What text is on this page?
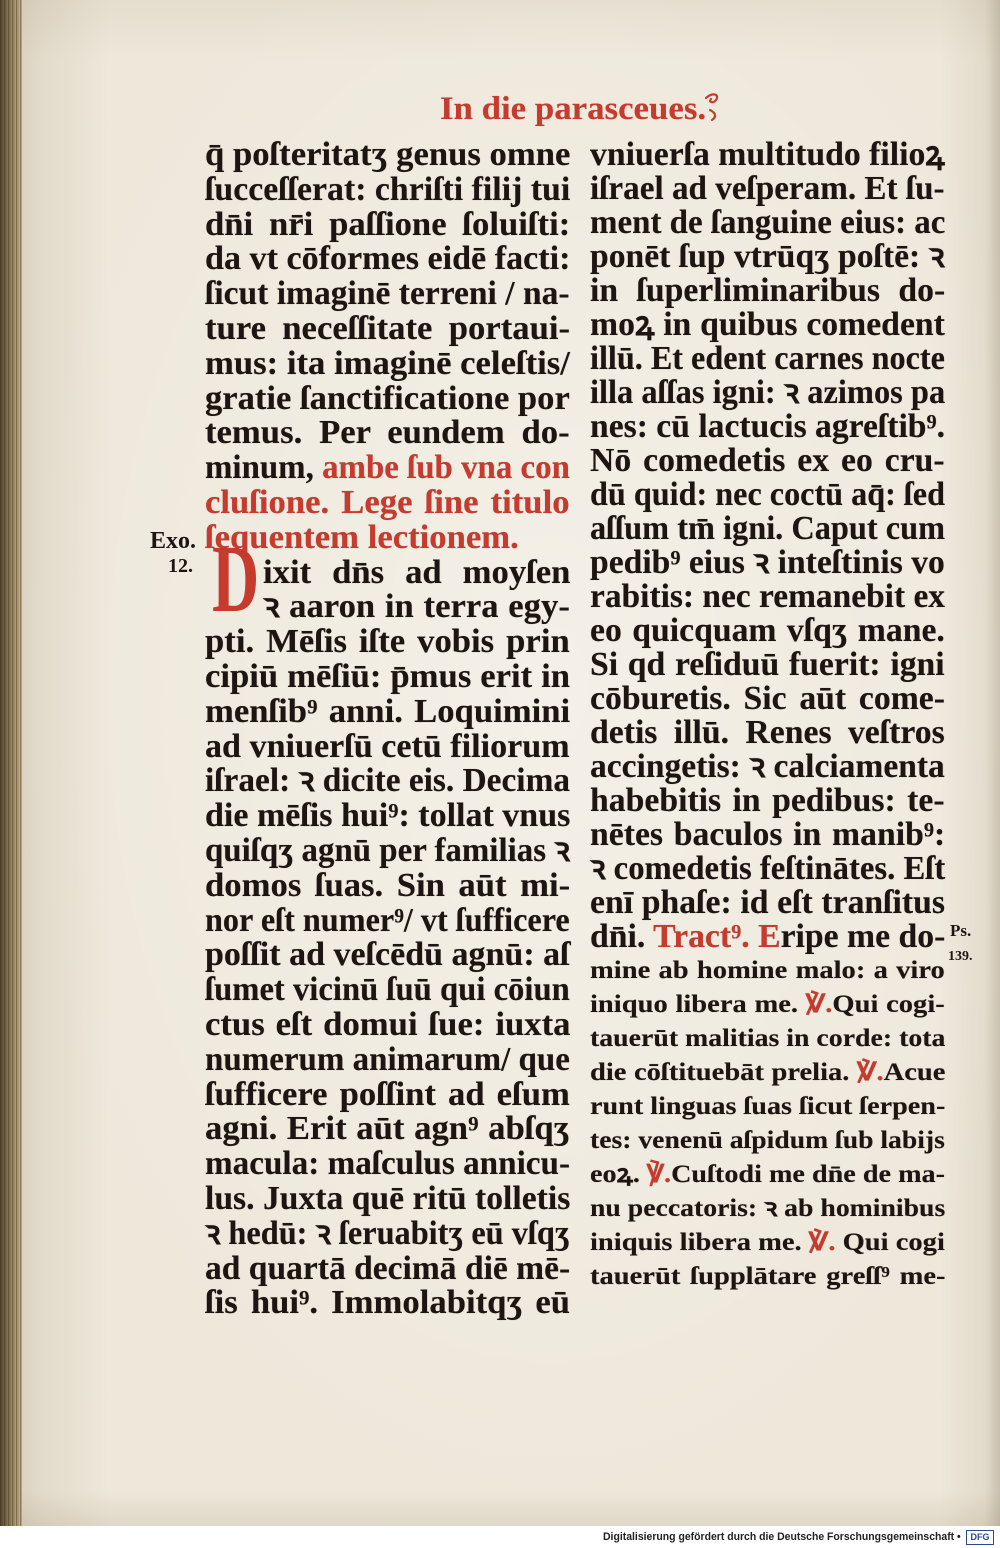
In die parasceues.
Exo.
12.
Ps.
139.
D
q̄ poſteritatʒ genus omne
ſucceſſerat: chriſti filij tui
dn̄i nr̄i paſſione ſoluiſti:
da vt cōformes eidē facti:
ſicut imaginē terreni / na-
ture neceſſitate portaui-
mus: ita imaginē celeſtis/
gratie ſanctificatione por
temus. Per eundem do-
minum, ambe ſub vna con
cluſione. Lege ſine titulo
ſequentem lectionem.
ixit dn̄s ad moyſen
ꝛ aaron in terra egy-
pti. Mēſis iſte vobis prin
cipiū mēſiū: p̄mus erit in
menſib⁹ anni. Loquimini
ad vniuerſū cetū filiorum
iſrael: ꝛ dicite eis. Decima
die mēſis hui⁹: tollat vnus
quiſqʒ agnū per familias ꝛ
domos ſuas. Sin aūt mi-
nor eſt numer⁹/ vt ſufficere
poſſit ad veſcēdū agnū: aſ
ſumet vicinū ſuū qui cōiun
ctus eſt domui ſue: iuxta
numerum animarum/ que
ſufficere poſſint ad eſum
agni. Erit aūt agn⁹ abſqʒ
macula: maſculus annicu-
lus. Juxta quē ritū tolletis
ꝛ hedū: ꝛ ſeruabitʒ eū vſqʒ
ad quartā decimā diē mē-
ſis hui⁹. Immolabitqʒ eū
vniuerſa multitudo filioꝝ
iſrael ad veſperam. Et ſu-
ment de ſanguine eius: ac
ponēt ſup vtrūqʒ poſtē: ꝛ
in ſuperliminaribus do-
moꝝ in quibus comedent
illū. Et edent carnes nocte
illa aſſas igni: ꝛ azimos pa
nes: cū lactucis agreſtib⁹.
Nō comedetis ex eo cru-
dū quid: nec coctū aq̄: ſed
aſſum tm̄ igni. Caput cum
pedib⁹ eius ꝛ inteſtinis vo
rabitis: nec remanebit ex
eo quicquam vſqʒ mane.
Si qd reſiduū fuerit: igni
cōburetis. Sic aūt come-
detis illū. Renes veſtros
accingetis: ꝛ calciamenta
habebitis in pedibus: te-
nētes baculos in manib⁹:
ꝛ comedetis feſtinātes. Eſt
enī phaſe: id eſt tranſitus
dn̄i. Tract⁹. Eripe me do-
mine ab homine malo: a viro
iniquo libera me. ℣.Qui cogi-
tauerūt malitias in corde: tota
die cōſtituebāt prelia. ℣.Acue
runt linguas ſuas ſicut ſerpen-
tes: venenū aſpidum ſub labijs
eoꝝ. ℣.Cuſtodi me dn̄e de ma-
nu peccatoris: ꝛ ab hominibus
iniquis libera me. ℣. Qui cogi
tauerūt ſupplātare greſſ⁹ me-
Digitalisierung gefördert durch die Deutsche Forschungsgemeinschaft •	DFG
